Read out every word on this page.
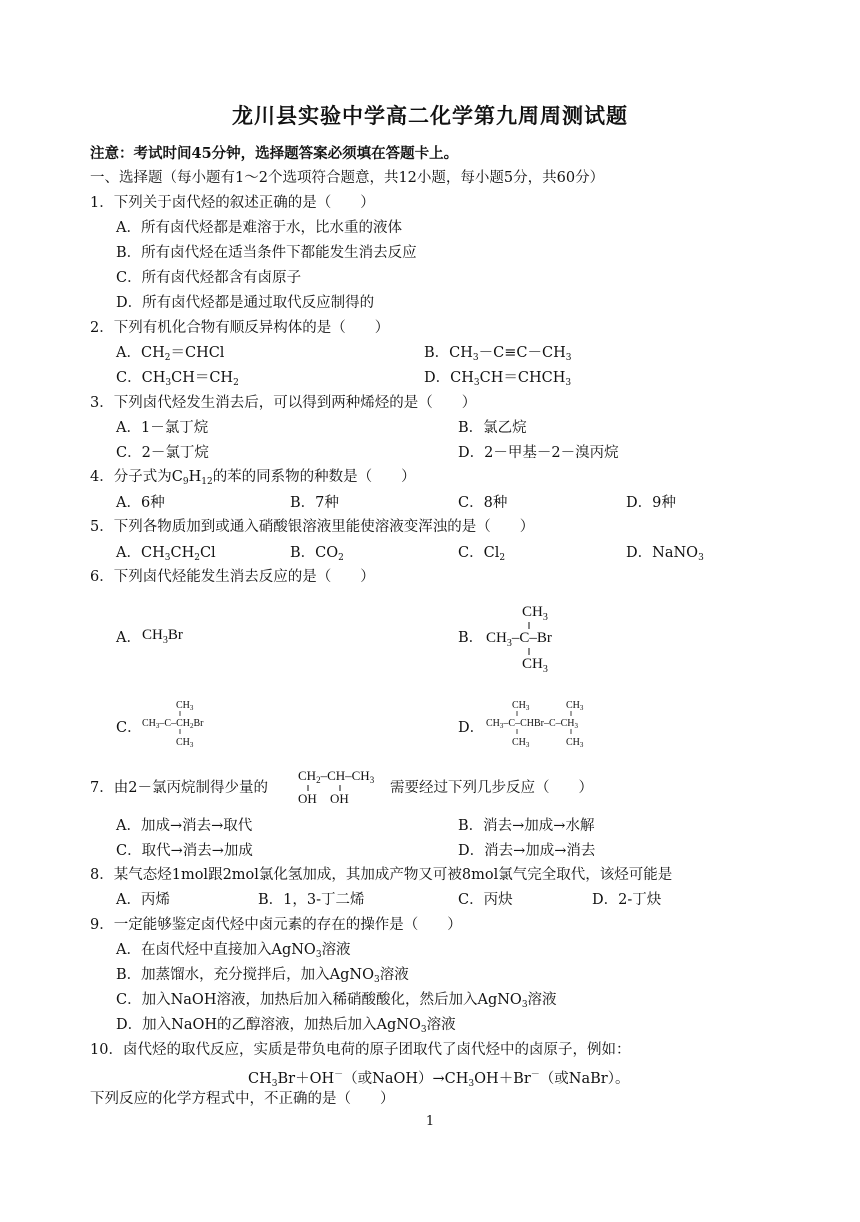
龙川县实验中学高二化学第九周周测试题
注意：考试时间45分钟，选择题答案必须填在答题卡上。
一、选择题（每小题有1～2个选项符合题意，共12小题，每小题5分，共60分）
1．下列关于卤代烃的叙述正确的是（　　）
A．所有卤代烃都是难溶于水，比水重的液体
B．所有卤代烃在适当条件下都能发生消去反应
C．所有卤代烃都含有卤原子
D．所有卤代烃都是通过取代反应制得的
2．下列有机化合物有顺反异构体的是（　　）
A．$CH_2=CHCl$	B．$CH_3-C\equiv C-CH_3$
C．$CH_3CH=CH_2$	D．$CH_3CH=CHCH_3$
3．下列卤代烃发生消去后，可以得到两种烯烃的是（　　）
A．1－氯丁烷	B．氯乙烷
C．2－氯丁烷	D．2－甲基－2－溴丙烷
4．分子式为$C_9H_{12}$的苯的同系物的种数是（　　）
A．6种	B．7种	C．8种	D．9种
5．下列各物质加到或通入硝酸银溶液里能使溶液变浑浊的是（　　）
A．$CH_3CH_2Cl$	B．$CO_2$	C．$Cl_2$	D．NaNO$_3$
6．下列卤代烃能发生消去反应的是（　　）
A． $CH_3Br$	B．
$CH_3$
$CH_3-C-Br$
$CH_3$
C．
$CH_3$
$CH_3-C-CH_2Br$
$CH_3$
D．
$CH_3$	$CH_3$
$CH_3-C-CHBr-C-CH_3$
$CH_3$	$CH_3$
7．由2－氯丙烷制得少量的
$CH_2-CH-CH_3$
OH OH
需要经过下列几步反应（　　）
A．加成→消去→取代	B．消去→加成→水解
C．取代→消去→加成	D．消去→加成→消去
8．某气态烃1mol跟2mol氯化氢加成，其加成产物又可被8mol氯气完全取代，该烃可能是
A．丙烯	B．1，3-丁二烯	C．丙炔	D．2-丁炔
9．一定能够鉴定卤代烃中卤元素的存在的操作是（　　）
A．在卤代烃中直接加入AgNO$_3$溶液
B．加蒸馏水，充分搅拌后，加入AgNO$_3$溶液
C．加入NaOH溶液，加热后加入稀硝酸酸化，然后加入AgNO$_3$溶液
D．加入NaOH的乙醇溶液，加热后加入AgNO$_3$溶液
10．卤代烃的取代反应，实质是带负电荷的原子团取代了卤代烃中的卤原子，例如：
$CH_3Br+OH^-$（或$NaOH)\to CH_3OH+Br^-$（或NaBr）。
下列反应的化学方程式中，不正确的是（　　）
1
